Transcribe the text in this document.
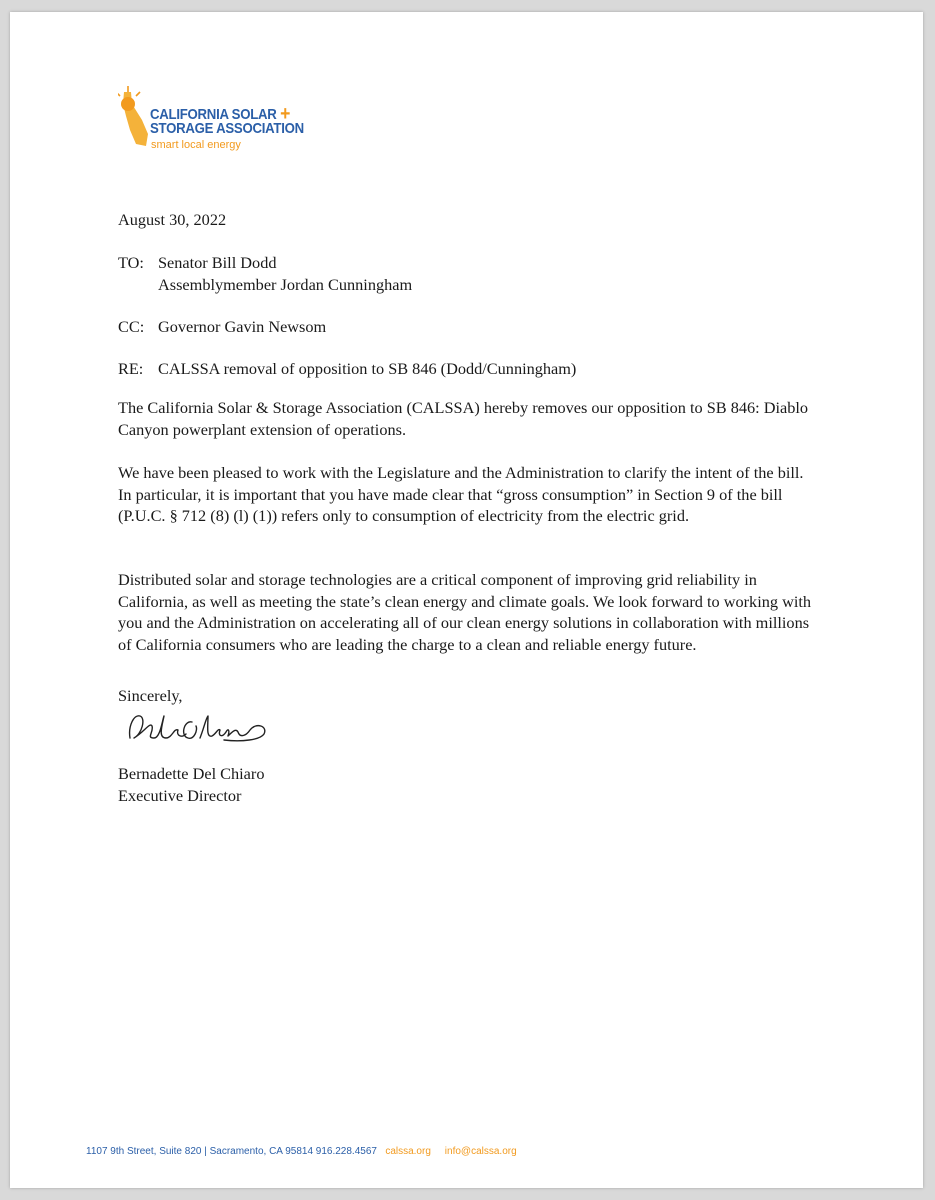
CALIFORNIA SOLAR +
STORAGE ASSOCIATION
smart local energy
August 30, 2022
TO: Senator Bill Dodd
Assemblymember Jordan Cunningham
CC: Governor Gavin Newsom
RE: CALSSA removal of opposition to SB 846 (Dodd/Cunningham)
The California Solar & Storage Association (CALSSA) hereby removes our opposition to SB 846: Diablo Canyon powerplant extension of operations.
We have been pleased to work with the Legislature and the Administration to clarify the intent of the bill. In particular, it is important that you have made clear that “gross consumption” in Section 9 of the bill (P.U.C. § 712 (8) (l) (1)) refers only to consumption of electricity from the electric grid.
Distributed solar and storage technologies are a critical component of improving grid reliability in California, as well as meeting the state’s clean energy and climate goals. We look forward to working with you and the Administration on accelerating all of our clean energy solutions in collaboration with millions of California consumers who are leading the charge to a clean and reliable energy future.
Sincerely,
Bernadette Del Chiaro
Executive Director
1107 9th Street, Suite 820 | Sacramento, CA 95814 916.228.4567 calssa.org info@calssa.org
